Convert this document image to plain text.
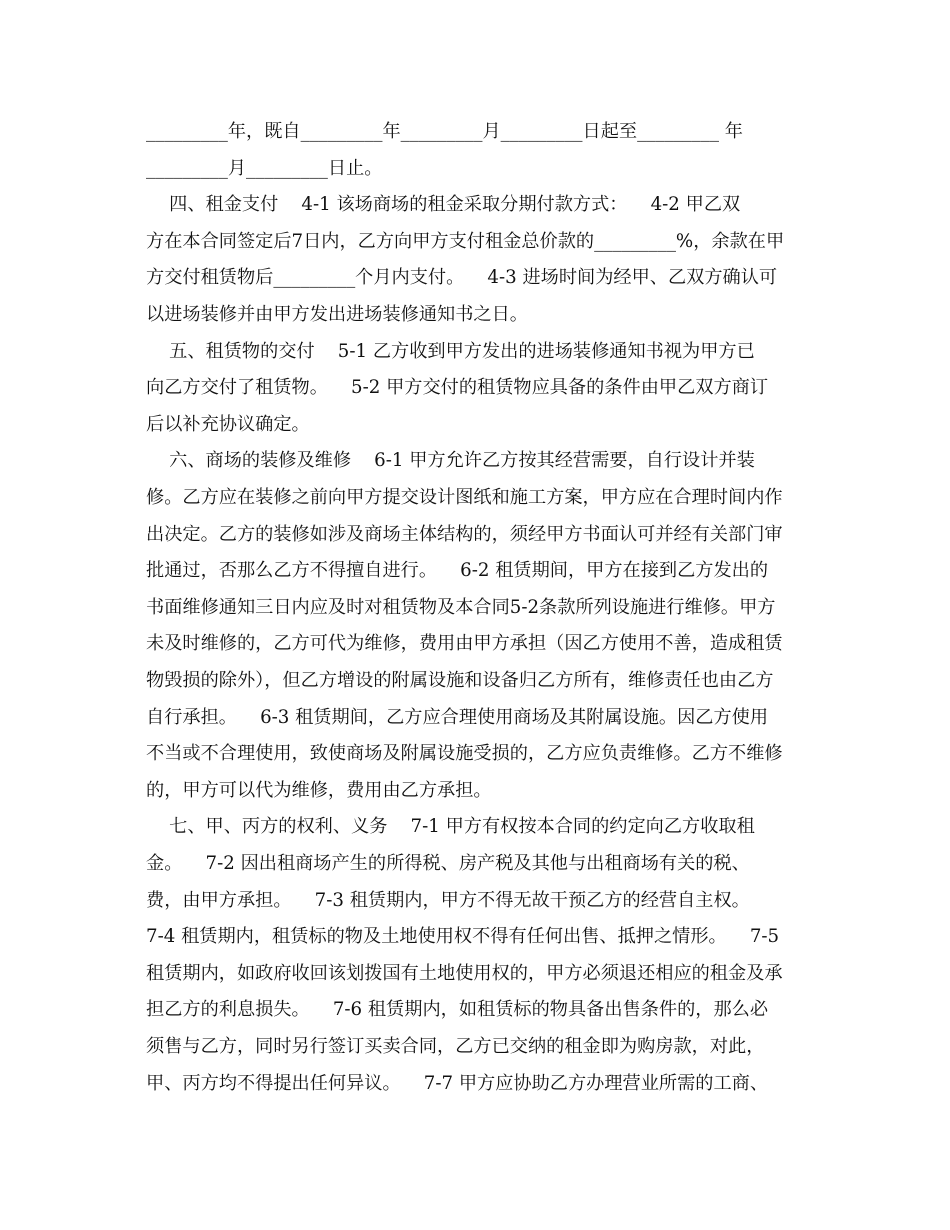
_________年，既自_________年_________月_________日起至_________ 年

_________月_________日止。

四、租金支付    4-1 该场商场的租金采取分期付款方式：    4-2 甲乙双

方在本合同签定后7日内，乙方向甲方支付租金总价款的_________%，余款在甲

方交付租赁物后_________个月内支付。    4-3 进场时间为经甲、乙双方确认可

以进场装修并由甲方发出进场装修通知书之日。

五、租赁物的交付    5-1 乙方收到甲方发出的进场装修通知书视为甲方已

向乙方交付了租赁物。    5-2 甲方交付的租赁物应具备的条件由甲乙双方商订

后以补充协议确定。

六、商场的装修及维修    6-1 甲方允许乙方按其经营需要，自行设计并装

修。乙方应在装修之前向甲方提交设计图纸和施工方案，甲方应在合理时间内作

出决定。乙方的装修如涉及商场主体结构的，须经甲方书面认可并经有关部门审

批通过，否那么乙方不得擅自进行。    6-2 租赁期间，甲方在接到乙方发出的

书面维修通知三日内应及时对租赁物及本合同5-2条款所列设施进行维修。甲方

未及时维修的，乙方可代为维修，费用由甲方承担（因乙方使用不善，造成租赁

物毁损的除外），但乙方增设的附属设施和设备归乙方所有，维修责任也由乙方

自行承担。    6-3 租赁期间，乙方应合理使用商场及其附属设施。因乙方使用

不当或不合理使用，致使商场及附属设施受损的，乙方应负责维修。乙方不维修

的，甲方可以代为维修，费用由乙方承担。

七、甲、丙方的权利、义务    7-1 甲方有权按本合同的约定向乙方收取租

金。    7-2 因出租商场产生的所得税、房产税及其他与出租商场有关的税、

费，由甲方承担。    7-3 租赁期内，甲方不得无故干预乙方的经营自主权。

7-4 租赁期内，租赁标的物及土地使用权不得有任何出售、抵押之情形。    7-5

租赁期内，如政府收回该划拨国有土地使用权的，甲方必须退还相应的租金及承

担乙方的利息损失。    7-6 租赁期内，如租赁标的物具备出售条件的，那么必

须售与乙方，同时另行签订买卖合同，乙方已交纳的租金即为购房款，对此，

甲、丙方均不得提出任何异议。    7-7 甲方应协助乙方办理营业所需的工商、
